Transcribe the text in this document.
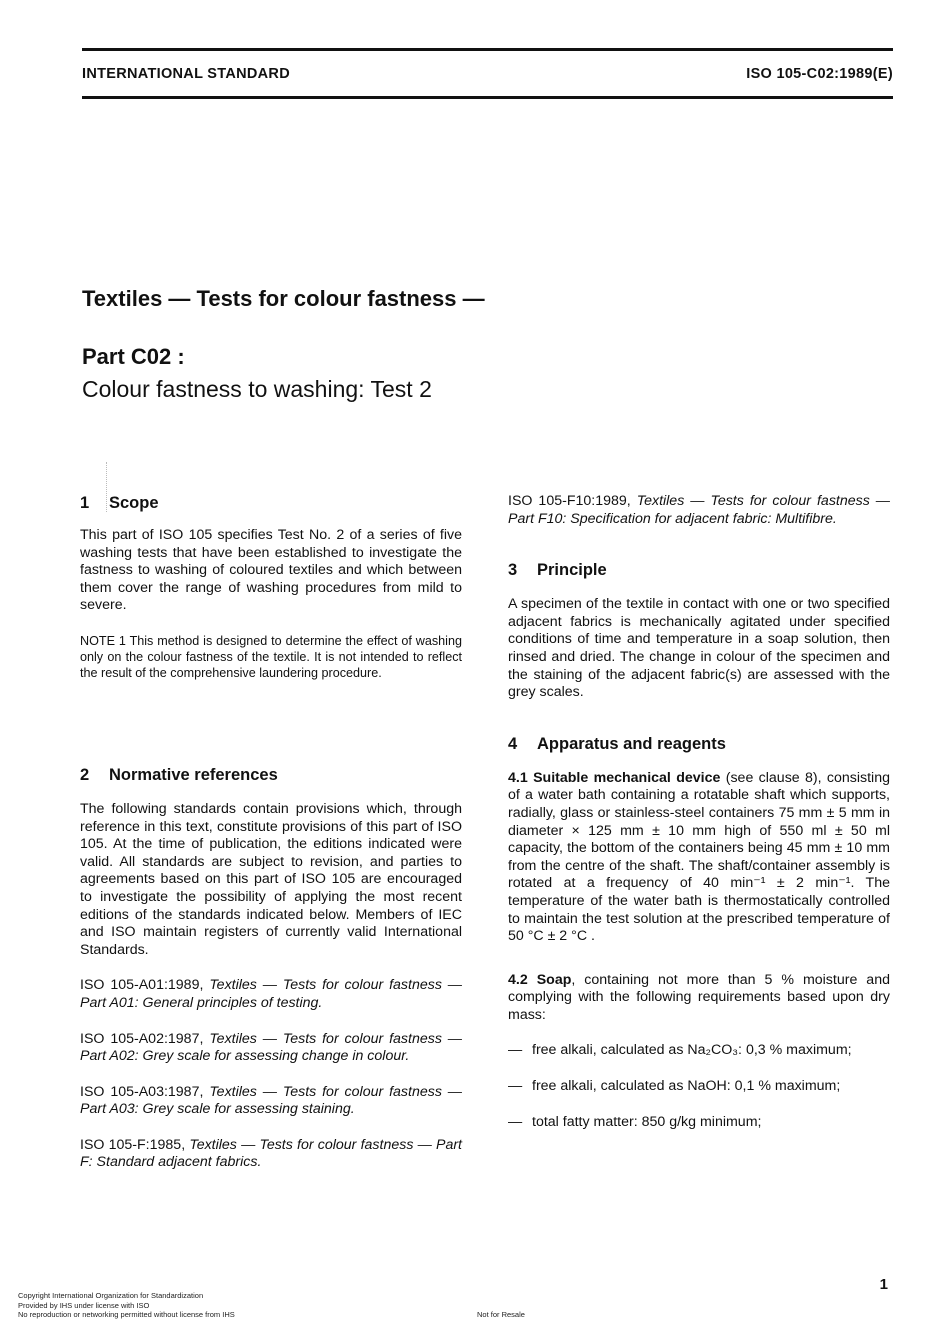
INTERNATIONAL STANDARD	ISO 105-C02:1989(E)
Textiles — Tests for colour fastness —
Part C02 :
Colour fastness to washing: Test 2
1 Scope

This part of ISO 105 specifies Test No. 2 of a series of five washing tests that have been established to investigate the fastness to washing of coloured textiles and which between them cover the range of washing procedures from mild to severe.

NOTE 1 This method is designed to determine the effect of washing only on the colour fastness of the textile. It is not intended to reflect the result of the comprehensive laundering procedure.

2 Normative references

The following standards contain provisions which, through reference in this text, constitute provisions of this part of ISO 105. At the time of publication, the editions indicated were valid. All standards are subject to revision, and parties to agreements based on this part of ISO 105 are encouraged to investigate the possibility of applying the most recent editions of the standards indicated below. Members of IEC and ISO maintain registers of currently valid International Standards.

ISO 105-A01:1989, Textiles — Tests for colour fastness — Part A01: General principles of testing.

ISO 105-A02:1987, Textiles — Tests for colour fastness — Part A02: Grey scale for assessing change in colour.

ISO 105-A03:1987, Textiles — Tests for colour fastness — Part A03: Grey scale for assessing staining.

ISO 105-F:1985, Textiles — Tests for colour fastness — Part F: Standard adjacent fabrics.

ISO 105-F10:1989, Textiles — Tests for colour fastness — Part F10: Specification for adjacent fabric: Multifibre.

3 Principle

A specimen of the textile in contact with one or two specified adjacent fabrics is mechanically agitated under specified conditions of time and temperature in a soap solution, then rinsed and dried. The change in colour of the specimen and the staining of the adjacent fabric(s) are assessed with the grey scales.

4 Apparatus and reagents

4.1 Suitable mechanical device (see clause 8), consisting of a water bath containing a rotatable shaft which supports, radially, glass or stainless-steel containers 75 mm ± 5 mm in diameter × 125 mm ± 10 mm high of 550 ml ± 50 ml capacity, the bottom of the containers being 45 mm ± 10 mm from the centre of the shaft. The shaft/container assembly is rotated at a frequency of 40 min⁻¹ ± 2 min⁻¹. The temperature of the water bath is thermostatically controlled to maintain the test solution at the prescribed temperature of 50 °C ± 2 °C .

4.2 Soap, containing not more than 5 % moisture and complying with the following requirements based upon dry mass:

— free alkali, calculated as Na₂CO₃: 0,3 % maximum;
— free alkali, calculated as NaOH: 0,1 % maximum;
— total fatty matter: 850 g/kg minimum;
1
Copyright International Organization for Standardization
Provided by IHS under license with ISO
No reproduction or networking permitted without license from IHS	Not for Resale
